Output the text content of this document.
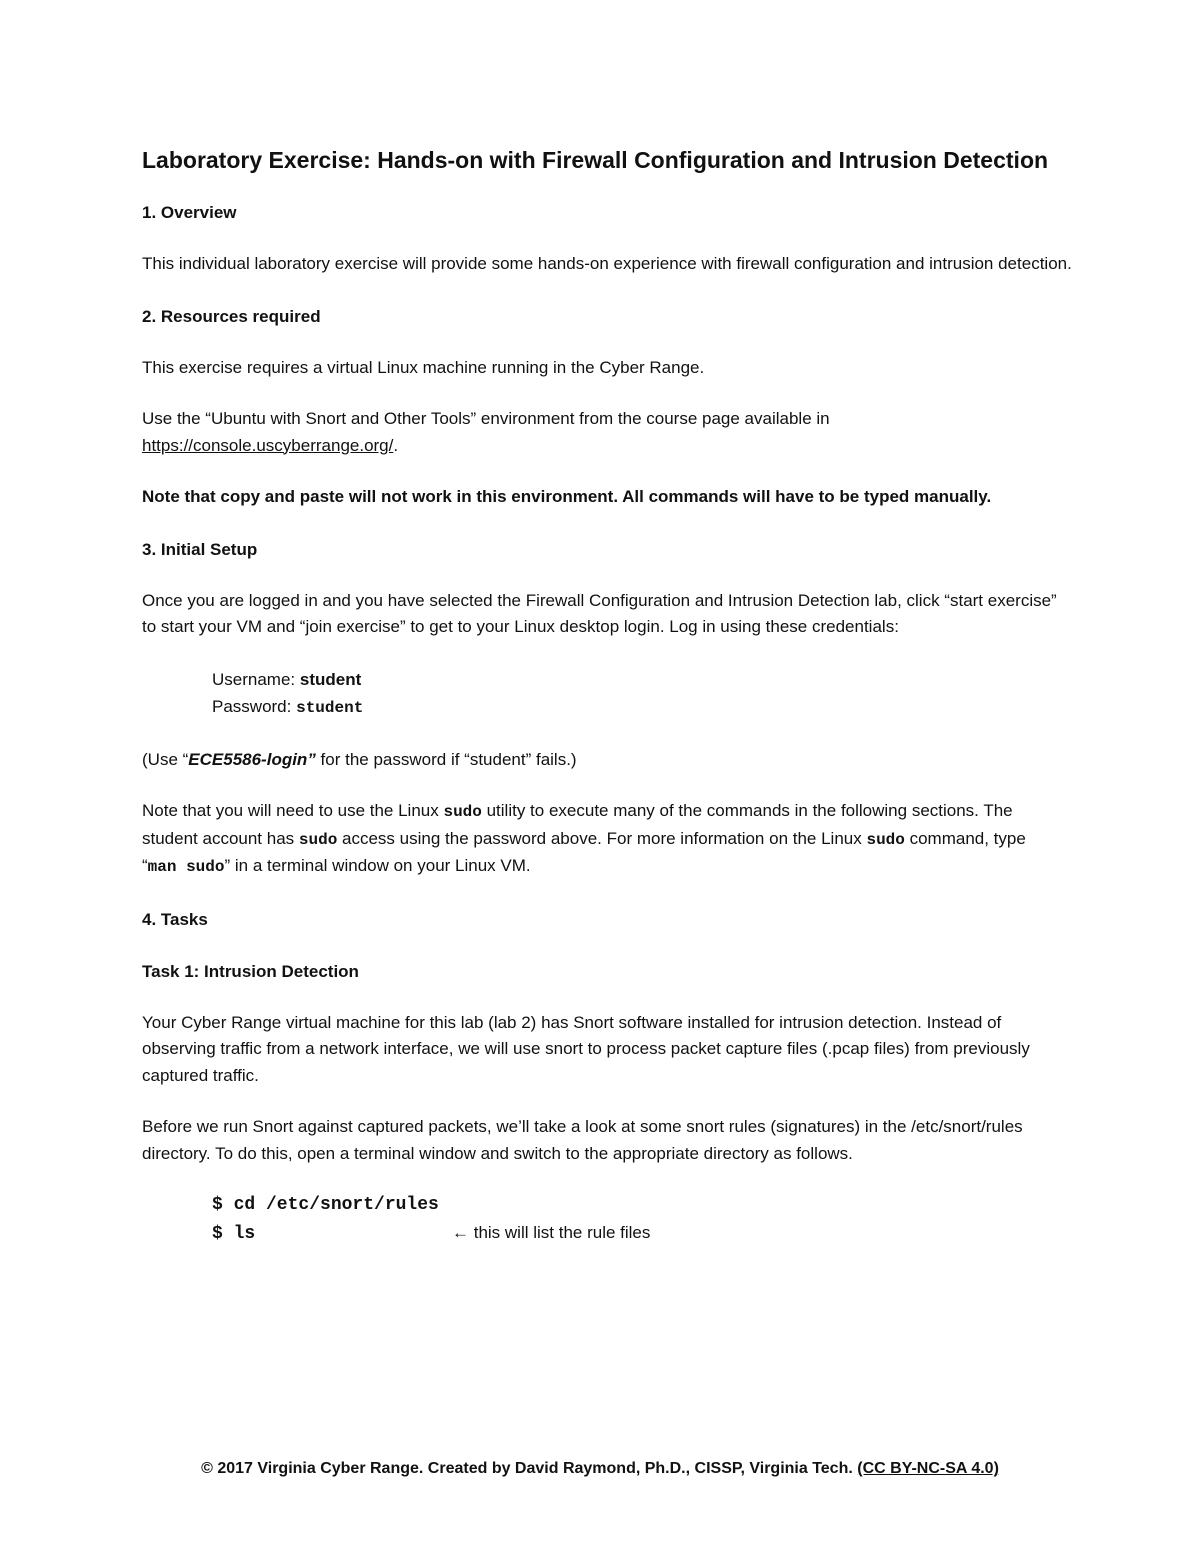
Laboratory Exercise: Hands-on with Firewall Configuration and Intrusion Detection
1. Overview
This individual laboratory exercise will provide some hands-on experience with firewall configuration and intrusion detection.
2. Resources required
This exercise requires a virtual Linux machine running in the Cyber Range.
Use the “Ubuntu with Snort and Other Tools” environment from the course page available in https://console.uscyberrange.org/.
Note that copy and paste will not work in this environment. All commands will have to be typed manually.
3. Initial Setup
Once you are logged in and you have selected the Firewall Configuration and Intrusion Detection lab, click “start exercise” to start your VM and “join exercise” to get to your Linux desktop login. Log in using these credentials:
Username: student
Password: student
(Use “ECE5586-login” for the password if “student” fails.)
Note that you will need to use the Linux sudo utility to execute many of the commands in the following sections. The student account has sudo access using the password above. For more information on the Linux sudo command, type “man sudo” in a terminal window on your Linux VM.
4. Tasks
Task 1: Intrusion Detection
Your Cyber Range virtual machine for this lab (lab 2) has Snort software installed for intrusion detection. Instead of observing traffic from a network interface, we will use snort to process packet capture files (.pcap files) from previously captured traffic.
Before we run Snort against captured packets, we’ll take a look at some snort rules (signatures) in the /etc/snort/rules directory. To do this, open a terminal window and switch to the appropriate directory as follows.
$ cd /etc/snort/rules
$ ls	← this will list the rule files
© 2017 Virginia Cyber Range. Created by David Raymond, Ph.D., CISSP, Virginia Tech. (CC BY-NC-SA 4.0)
